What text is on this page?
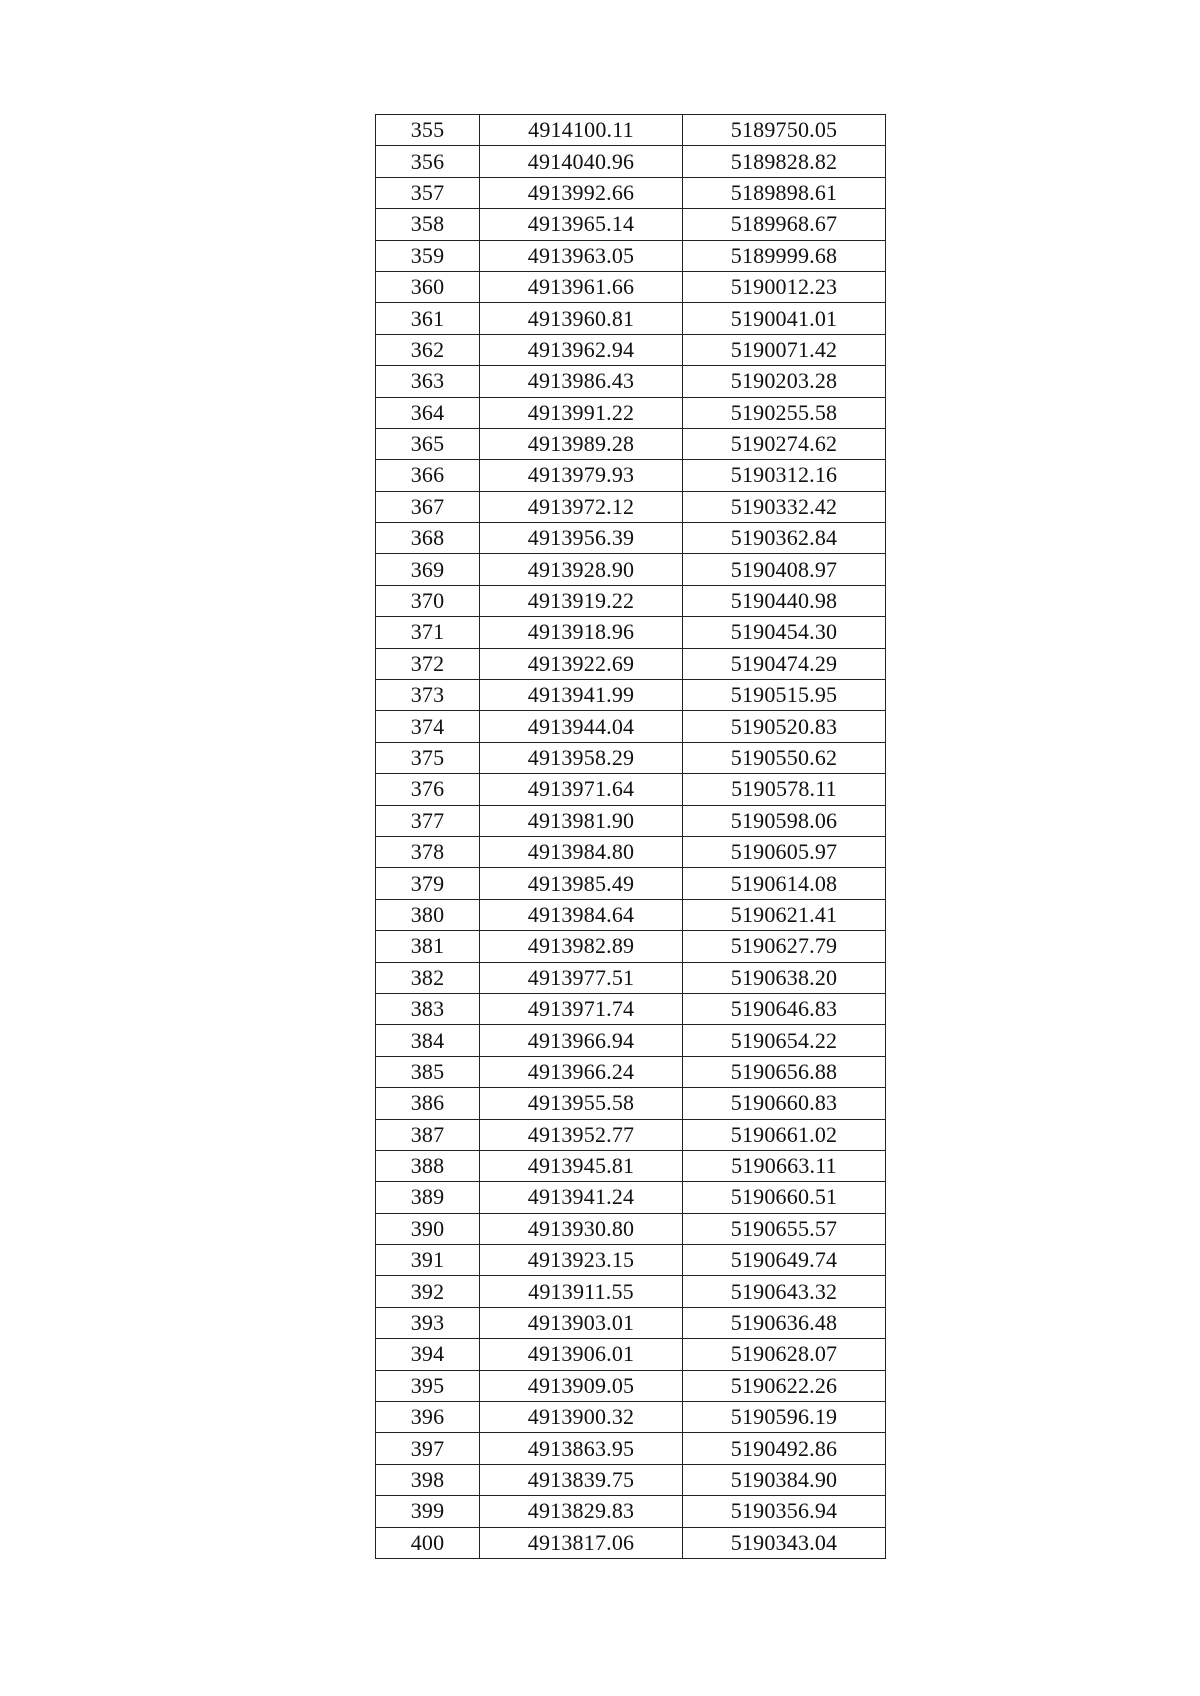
355	4914100.11	5189750.05
356	4914040.96	5189828.82
357	4913992.66	5189898.61
358	4913965.14	5189968.67
359	4913963.05	5189999.68
360	4913961.66	5190012.23
361	4913960.81	5190041.01
362	4913962.94	5190071.42
363	4913986.43	5190203.28
364	4913991.22	5190255.58
365	4913989.28	5190274.62
366	4913979.93	5190312.16
367	4913972.12	5190332.42
368	4913956.39	5190362.84
369	4913928.90	5190408.97
370	4913919.22	5190440.98
371	4913918.96	5190454.30
372	4913922.69	5190474.29
373	4913941.99	5190515.95
374	4913944.04	5190520.83
375	4913958.29	5190550.62
376	4913971.64	5190578.11
377	4913981.90	5190598.06
378	4913984.80	5190605.97
379	4913985.49	5190614.08
380	4913984.64	5190621.41
381	4913982.89	5190627.79
382	4913977.51	5190638.20
383	4913971.74	5190646.83
384	4913966.94	5190654.22
385	4913966.24	5190656.88
386	4913955.58	5190660.83
387	4913952.77	5190661.02
388	4913945.81	5190663.11
389	4913941.24	5190660.51
390	4913930.80	5190655.57
391	4913923.15	5190649.74
392	4913911.55	5190643.32
393	4913903.01	5190636.48
394	4913906.01	5190628.07
395	4913909.05	5190622.26
396	4913900.32	5190596.19
397	4913863.95	5190492.86
398	4913839.75	5190384.90
399	4913829.83	5190356.94
400	4913817.06	5190343.04
